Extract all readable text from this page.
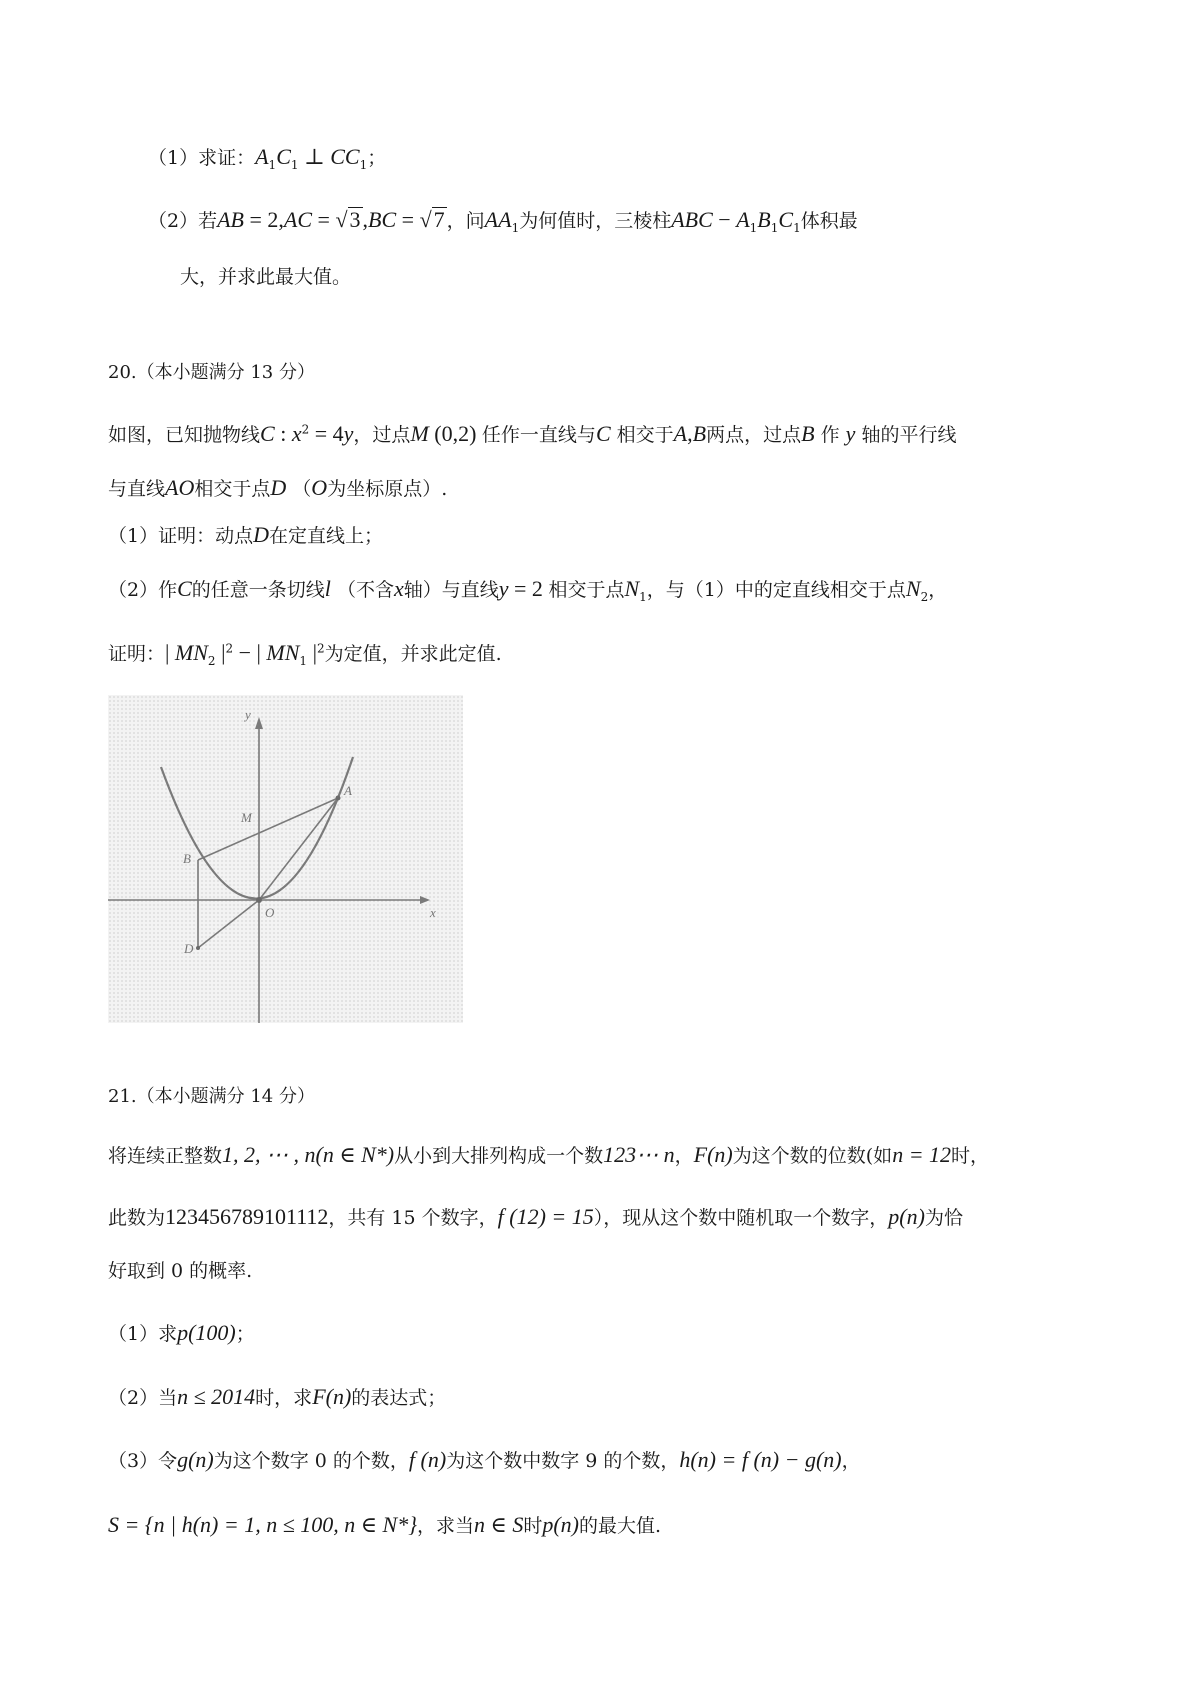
（1）求证：$A_1C_1$ ⊥ $CC_1$；
（2）若AB = 2,AC = √3,BC = √7 ，问$AA_1$为何值时，三棱柱ABC − $A_1B_1C_1$体积最
大，并求此最大值。
20.（本小题满分 13 分）
如图，已知抛物线C : $x^2 = 4y$，过点M (0,2) 任作一直线与C 相交于A,B两点，过点B 作 y 轴的平行线
与直线AO相交于点D （O为坐标原点）.
（1）证明：动点D在定直线上；
（2）作C的任意一条切线l （不含x轴）与直线y = 2 相交于点$N_1$，与（1）中的定直线相交于点$N_2$，
证明：| $MN_2$ $|^2$ − | $MN_1$ $|^2$为定值，并求此定值.
y
x
A
B
M
O
D
21.（本小题满分 14 分）
将连续正整数1, 2, ⋯ , n(n ∈ N*)从小到大排列构成一个数123⋯ n，F(n)为这个数的位数(如n = 12时，
此数为123456789101112，共有 15 个数字，f (12) = 15），现从这个数中随机取一个数字，p(n)为恰
好取到 0 的概率.
（1）求p(100)；
（2）当n ≤ 2014时，求F(n)的表达式；
（3）令g(n)为这个数字 0 的个数，f (n)为这个数中数字 9 的个数，h(n) = f (n) − g(n)，
S = {n | h(n) = 1, n ≤ 100, n ∈ N*}，求当n ∈ S时p(n)的最大值.
